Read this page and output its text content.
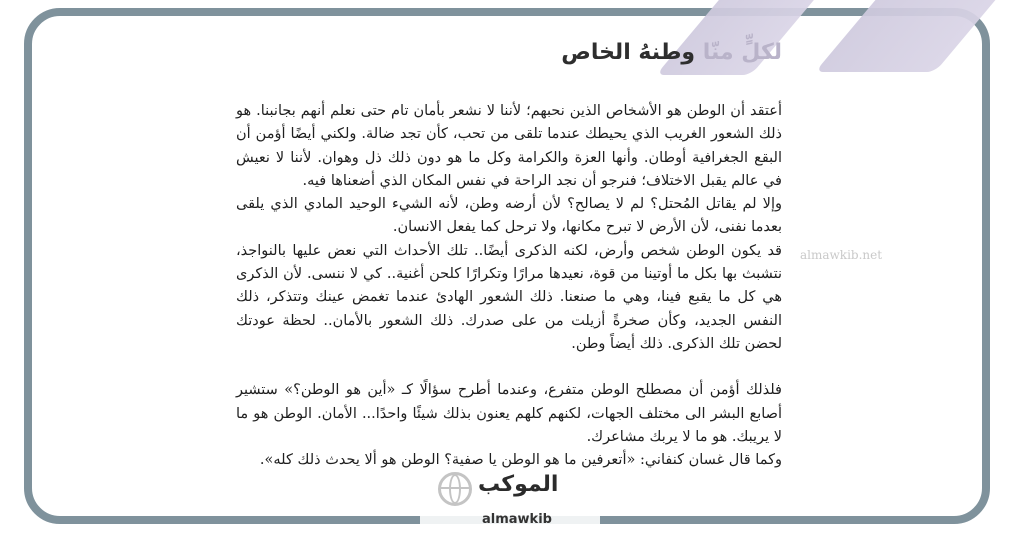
لكلٍّ منّا وطنهُ الخاص

أعتقد أن الوطن هو الأشخاص الذين نحبهم؛ لأننا لا نشعر بأمان تام حتى نعلم أنهم بجانبنا. هو ذلك الشعور الغريب الذي يحيطك عندما تلقى من تحب، كأن تجد ضالة. ولكني أيضًا أؤمن أن البقع الجغرافية أوطان. وأنها العزة والكرامة وكل ما هو دون ذلك ذل وهوان. لأننا لا نعيش في عالم يقبل الاختلاف؛ فنرجو أن نجد الراحة في نفس المكان الذي أضعناها فيه.

وإلا لم يقاتل المُحتل؟ لم لا يصالح؟ لأن أرضه وطن، لأنه الشيء الوحيد المادي الذي يلقى بعدما نفنى، لأن الأرض لا تبرح مكانها، ولا ترحل كما يفعل الانسان.

قد يكون الوطن شخص وأرض، لكنه الذكرى أيضًا.. تلك الأحداث التي نعض عليها بالنواجذ، نتشبث بها بكل ما أوتينا من قوة، نعيدها مرارًا وتكرارًا كلحن أغنية.. كي لا ننسى. لأن الذكرى هي كل ما يقبع فينا، وهي ما صنعنا. ذلك الشعور الهادئ عندما تغمض عينك وتتذكر، ذلك النفس الجديد، وكأن صخرةً أزيلت من على صدرك. ذلك الشعور بالأمان.. لحظة عودتك لحضن تلك الذكرى. ذلك أيضاً وطن.

فلذلك أؤمن أن مصطلح الوطن متفرع، وعندما أطرح سؤالًا كـ «أين هو الوطن؟» ستشير أصابع البشر الى مختلف الجهات، لكنهم كلهم يعنون بذلك شيئًا واحدًا... الأمان. الوطن هو ما لا يريبك. هو ما لا يربك مشاعرك.

وكما قال غسان كنفاني: «أتعرفين ما هو الوطن يا صفية؟ الوطن هو ألا يحدث ذلك كله».

almawkib.net
الموكب
almawkib
